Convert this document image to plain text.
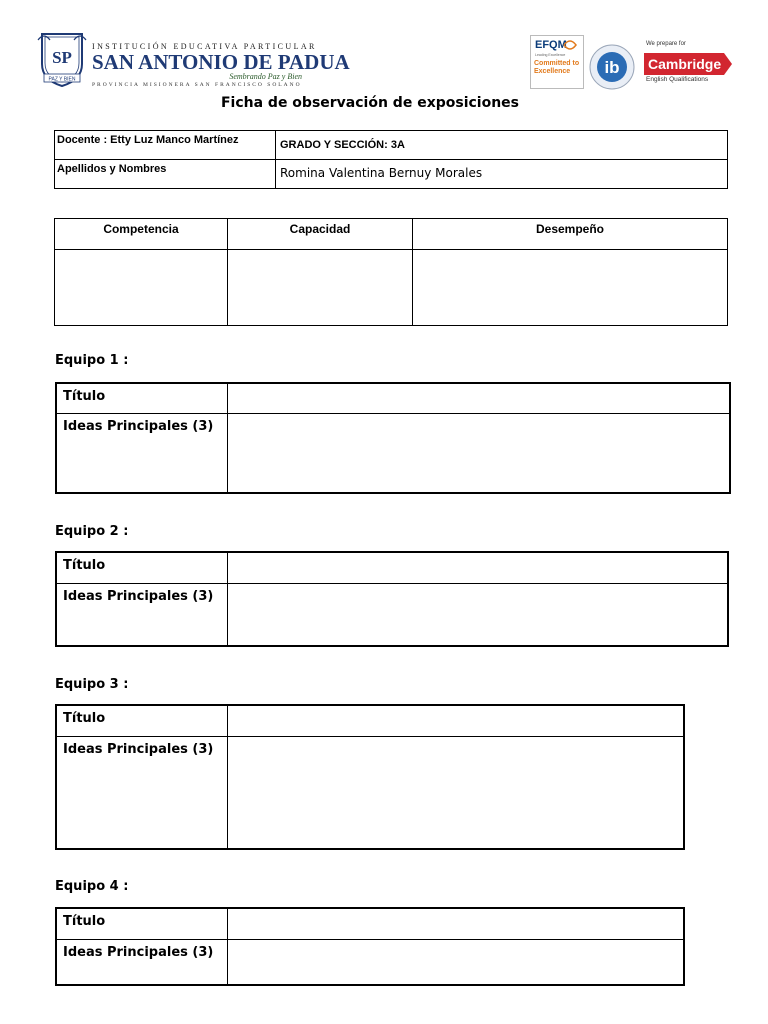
SP
PAZ Y BIEN
INSTITUCIÓN EDUCATIVA PARTICULAR
SAN ANTONIO DE PADUA
Sembrando Paz y Bien
PROVINCIA MISIONERA SAN FRANCISCO SOLANO
EFQM
Leading Excellence
Committed to
Excellence	ib
We prepare for
Cambridge
English Qualifications
Ficha de observación de exposiciones
Docente : Etty Luz Manco Martínez	GRADO Y SECCIÓN: 3A
Apellidos y Nombres	Romina Valentina Bernuy Morales
Competencia	Capacidad	Desempeño

Equipo 1 :
Título	
Ideas Principales (3)	
Equipo 2 :
Título	
Ideas Principales (3)	
Equipo 3 :
Título	
Ideas Principales (3)	
Equipo 4 :
Título	
Ideas Principales (3)	
